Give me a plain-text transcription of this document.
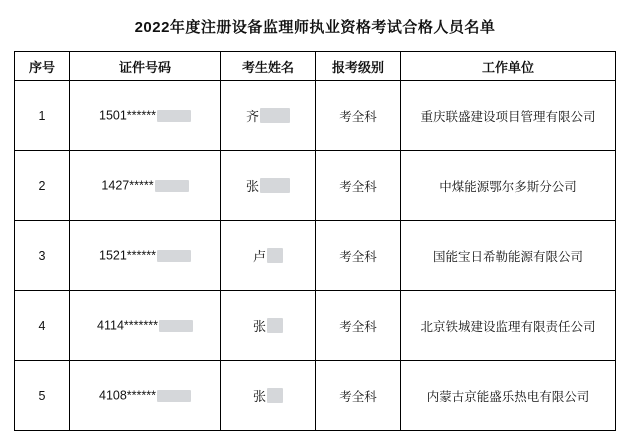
2022年度注册设备监理师执业资格考试合格人员名单
序号	证件号码	考生姓名	报考级别	工作单位
1	1501******	齐	考全科	重庆联盛建设项目管理有限公司
2	1427*****	张	考全科	中煤能源鄂尔多斯分公司
3	1521******	卢	考全科	国能宝日希勒能源有限公司
4	4114*******	张	考全科	北京铁城建设监理有限责任公司
5	4108******	张	考全科	内蒙古京能盛乐热电有限公司
